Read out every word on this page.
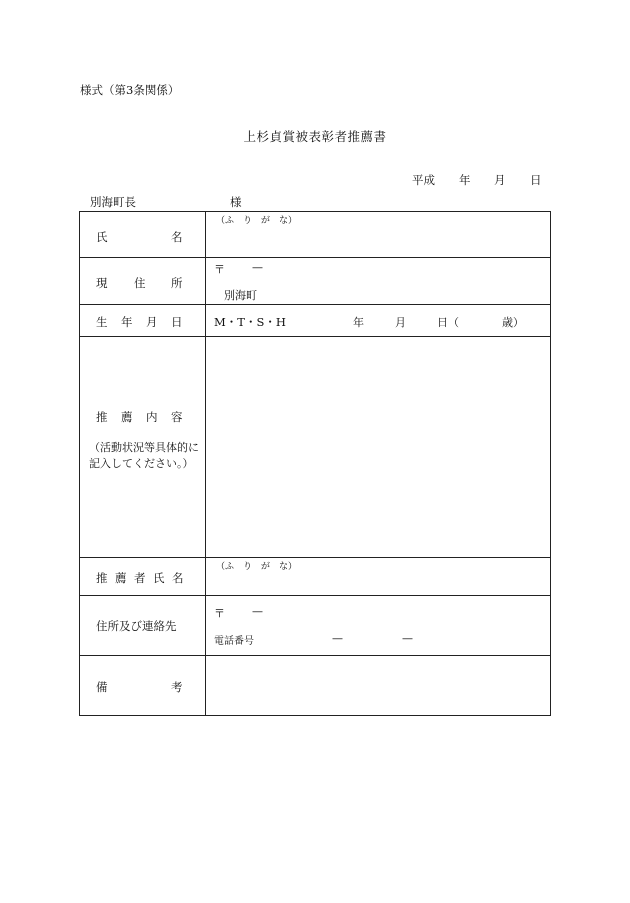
様式（第3条関係）
上杉貞賞被表彰者推薦書
平成 年 月 日
別海町長	様
氏 名	（ふ　り　が　な）

現 住 所	〒 —
別海町

生 年 月 日	M・T・S・H 年 月 日（ 歳）

推 薦 内 容
（活動状況等具体的に記入してください。）	

推 薦 者 氏 名	（ふ　り　が　な）

住所及び連絡先	〒 —
電話番号 — —

備 考	
